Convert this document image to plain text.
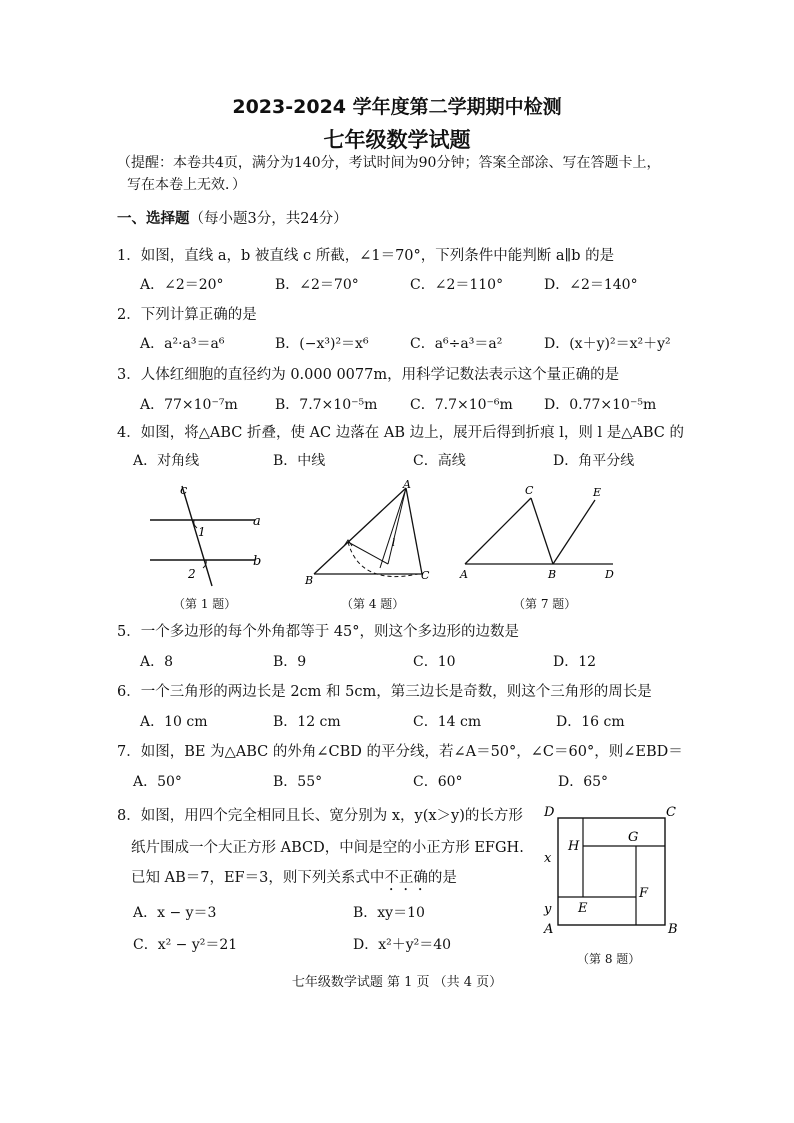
2023-2024 学年度第二学期期中检测
七年级数学试题
（提醒：本卷共4页，满分为140分，考试时间为90分钟；答案全部涂、写在答题卡上，
写在本卷上无效．）
一、选择题（每小题3分，共24分）
1．如图，直线 a，b 被直线 c 所截，∠1＝70°，下列条件中能判断 a∥b 的是
A．∠2＝20°	B．∠2＝70°	C．∠2＝110°	D．∠2＝140°
2．下列计算正确的是
A．a²·a³＝a⁶	B．(−x³)²＝x⁶	C．a⁶÷a³＝a²	D．(x＋y)²＝x²＋y²
3．人体红细胞的直径约为 0.000 0077m，用科学记数法表示这个量正确的是
A．77×10⁻⁷m	B．7.7×10⁻⁵m C．7.7×10⁻⁶m D．0.77×10⁻⁵m
4．如图，将△ABC 折叠，使 AC 边落在 AB 边上，展开后得到折痕 l，则 l 是△ABC 的
A．对角线	B．中线	C．高线	D．角平分线
c
a
b
1
2
（第 1 题）
A
B	C
l
（第 4 题）
C	E
A	B	D
（第 7 题）
5．一个多边形的每个外角都等于 45°，则这个多边形的边数是
A．8	B．9	C．10	D．12
6．一个三角形的两边长是 2cm 和 5cm，第三边长是奇数，则这个三角形的周长是
A．10 cm	B．12 cm	C．14 cm	D．16 cm
7．如图，BE 为△ABC 的外角∠CBD 的平分线，若∠A＝50°，∠C＝60°，则∠EBD＝
A．50°	B．55°	C．60°	D．65°
8．如图，用四个完全相同且长、宽分别为 x，y(x＞y)的长方形
纸片围成一个大正方形 ABCD，中间是空的小正方形 EFGH.
已知 AB＝7，EF＝3，则下列关系式中不正确的是
A．x − y＝3	B．xy＝10
C．x² − y²＝21	D．x²＋y²＝40
D	C
G
H
x
F
y E
A	B
（第 8 题）
七年级数学试题 第 1 页 （共 4 页）
